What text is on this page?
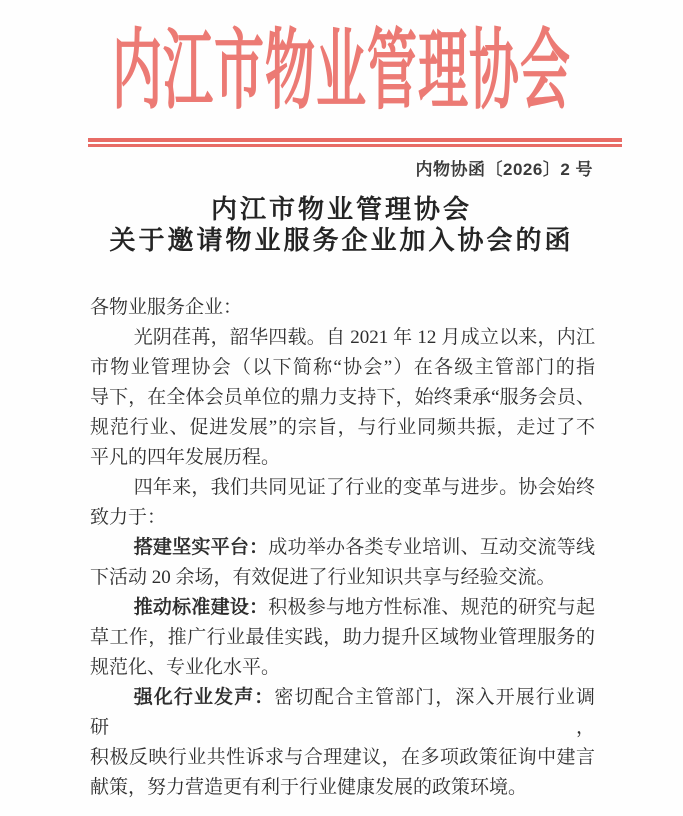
内江市物业管理协会
内物协函〔2026〕2 号
内江市物业管理协会
关于邀请物业服务企业加入协会的函
各物业服务企业：
光阴荏苒，韶华四载。自 2021 年 12 月成立以来，内江
市物业管理协会（以下简称“协会”）在各级主管部门的指
导下，在全体会员单位的鼎力支持下，始终秉承“服务会员、
规范行业、促进发展”的宗旨，与行业同频共振，走过了不
平凡的四年发展历程。
四年来，我们共同见证了行业的变革与进步。协会始终
致力于：
搭建坚实平台：成功举办各类专业培训、互动交流等线
下活动 20 余场，有效促进了行业知识共享与经验交流。
推动标准建设：积极参与地方性标准、规范的研究与起
草工作，推广行业最佳实践，助力提升区域物业管理服务的
规范化、专业化水平。
强化行业发声：密切配合主管部门，深入开展行业调研，
积极反映行业共性诉求与合理建议，在多项政策征询中建言
献策，努力营造更有利于行业健康发展的政策环境。
